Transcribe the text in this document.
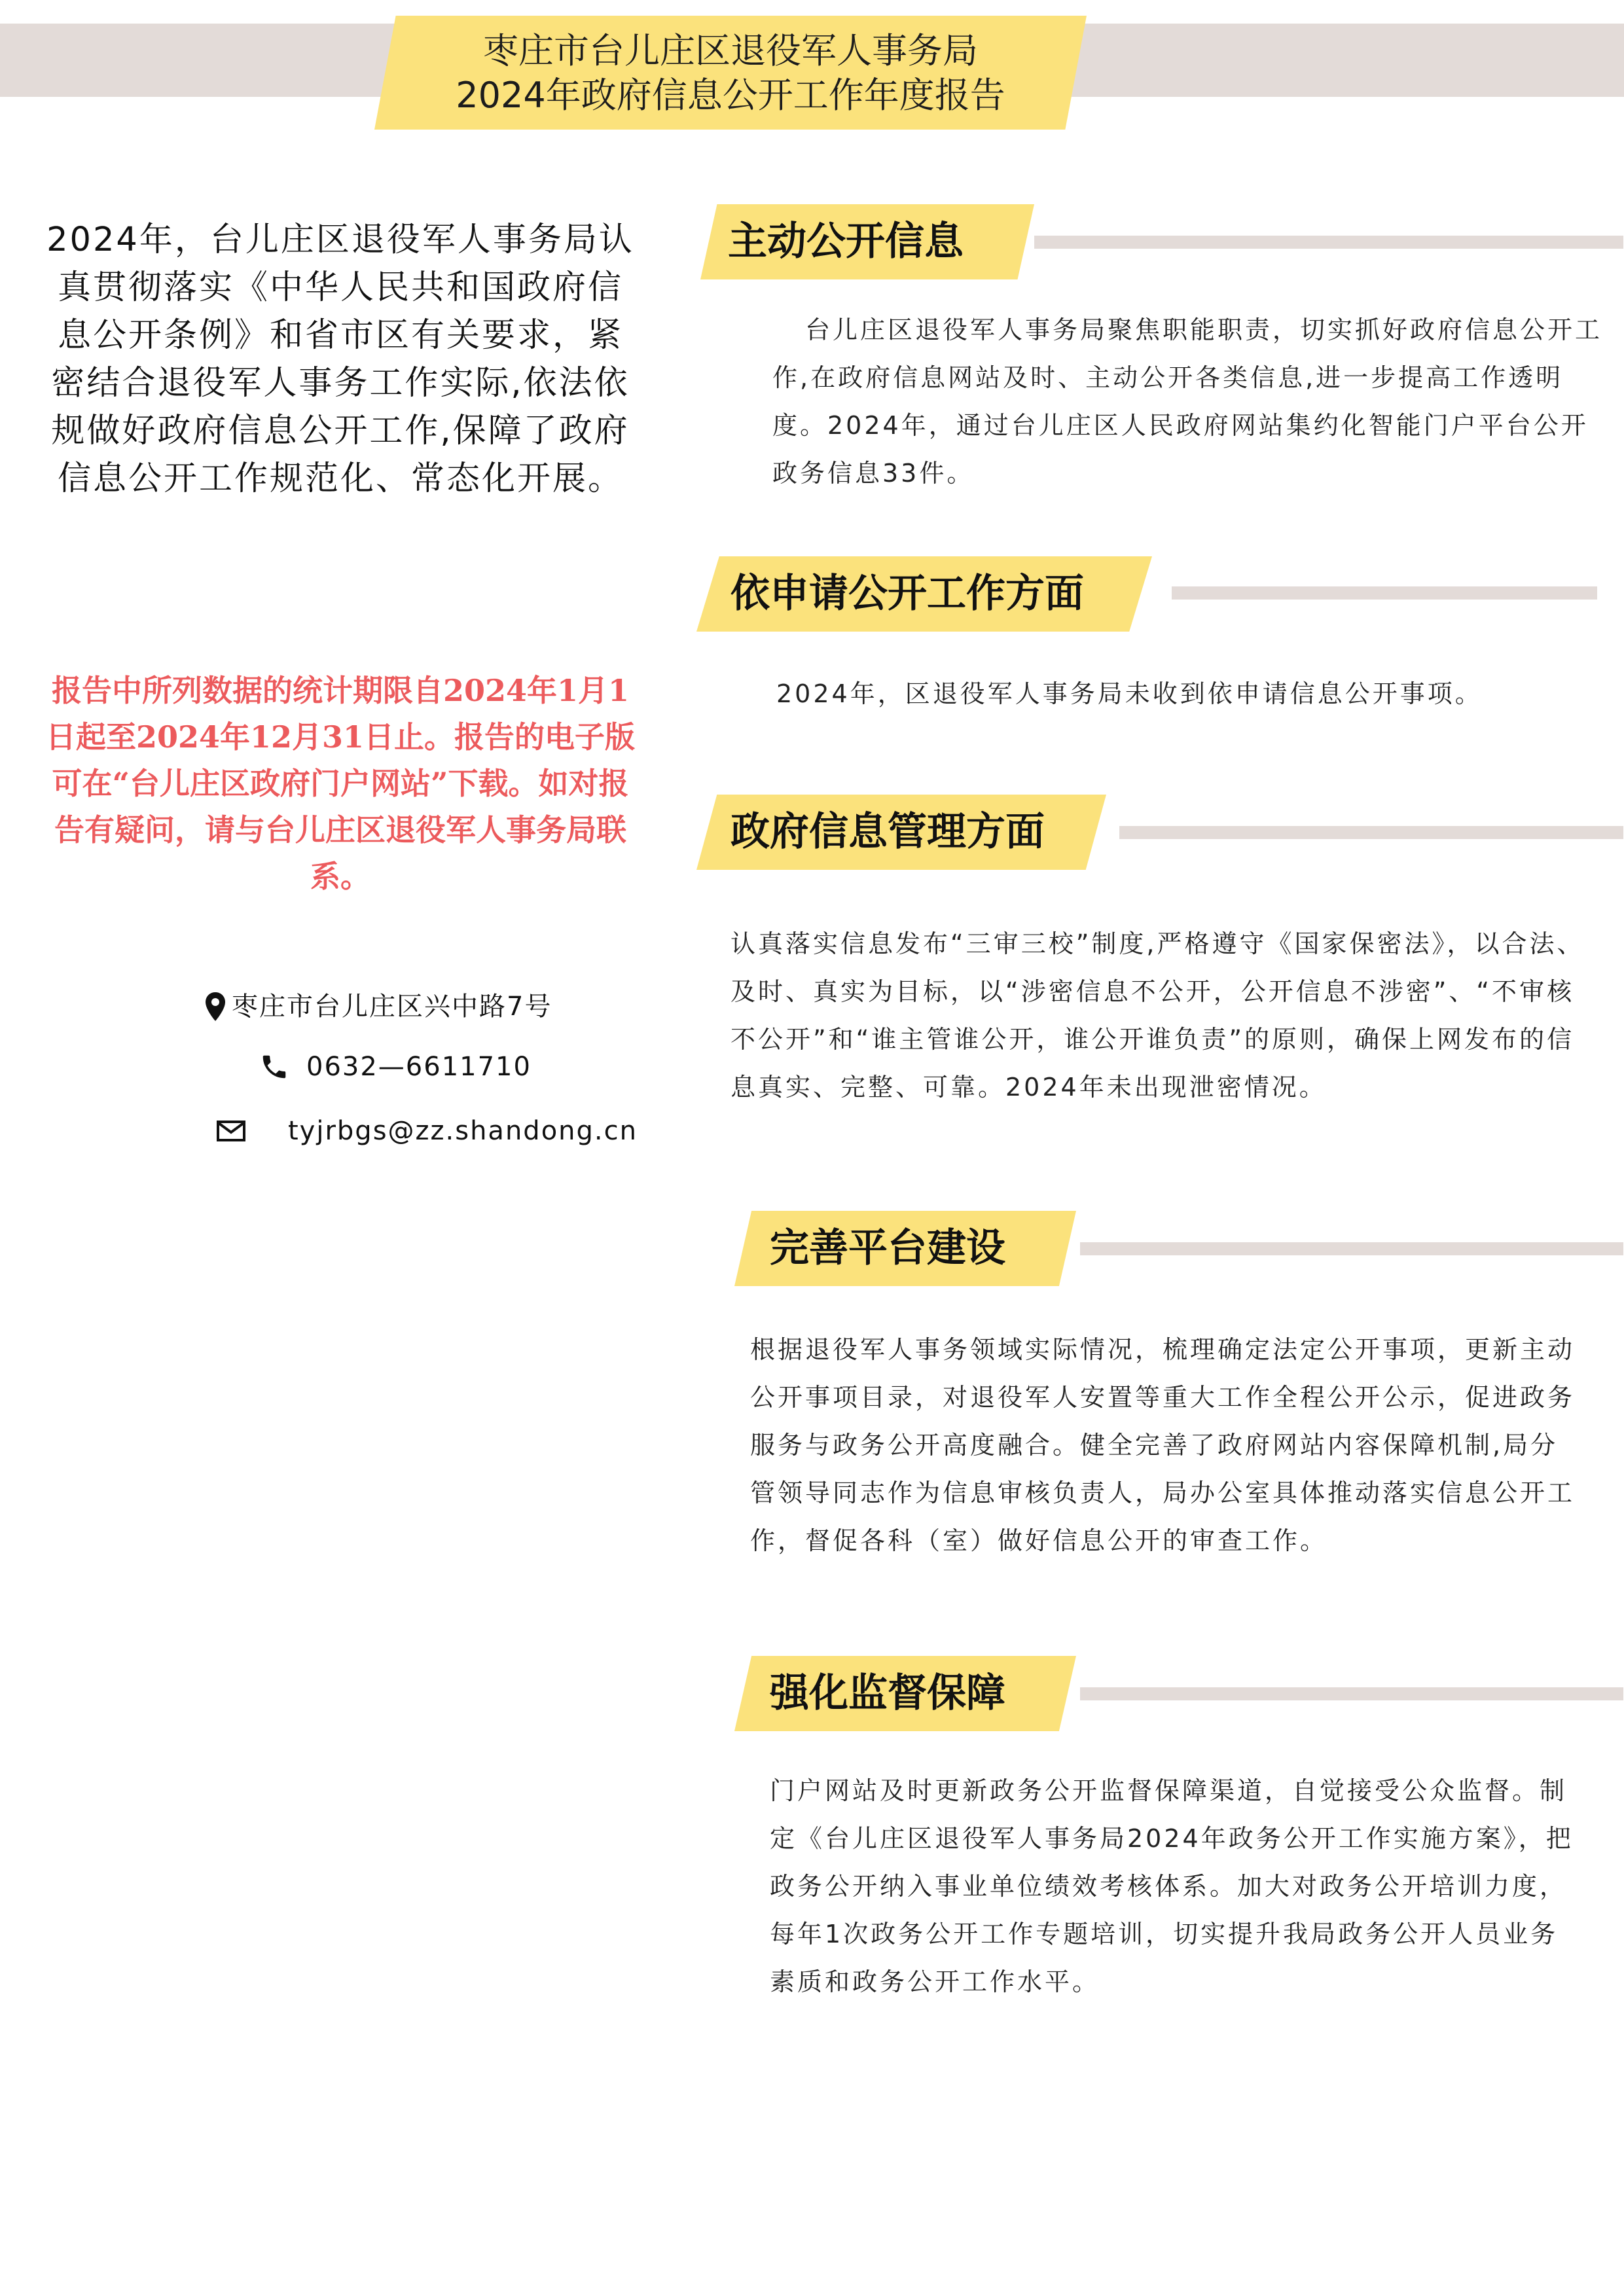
枣庄市台儿庄区退役军人事务局
2024年政府信息公开工作年度报告
2024年，台儿庄区退役军人事务局认真贯彻落实《中华人民共和国政府信息公开条例》和省市区有关要求，紧密结合退役军人事务工作实际,依法依规做好政府信息公开工作,保障了政府信息公开工作规范化、常态化开展。
报告中所列数据的统计期限自2024年1月1日起至2024年12月31日止。报告的电子版可在“台儿庄区政府门户网站”下载。如对报告有疑问，请与台儿庄区退役军人事务局联系。
枣庄市台儿庄区兴中路7号
0632—6611710
tyjrbgs@zz.shandong.cn
主动公开信息
台儿庄区退役军人事务局聚焦职能职责，切实抓好政府信息公开工作,在政府信息网站及时、主动公开各类信息,进一步提高工作透明度。2024年，通过台儿庄区人民政府网站集约化智能门户平台公开政务信息33件。
依申请公开工作方面
2024年，区退役军人事务局未收到依申请信息公开事项。
政府信息管理方面
认真落实信息发布“三审三校”制度,严格遵守《国家保密法》，以合法、及时、真实为目标，以“涉密信息不公开，公开信息不涉密”、“不审核不公开”和“谁主管谁公开，谁公开谁负责”的原则，确保上网发布的信息真实、完整、可靠。2024年未出现泄密情况。
完善平台建设
根据退役军人事务领域实际情况，梳理确定法定公开事项，更新主动公开事项目录，对退役军人安置等重大工作全程公开公示，促进政务服务与政务公开高度融合。健全完善了政府网站内容保障机制,局分管领导同志作为信息审核负责人，局办公室具体推动落实信息公开工作，督促各科（室）做好信息公开的审查工作。
强化监督保障
门户网站及时更新政务公开监督保障渠道，自觉接受公众监督。制定《台儿庄区退役军人事务局2024年政务公开工作实施方案》，把政务公开纳入事业单位绩效考核体系。加大对政务公开培训力度，每年1次政务公开工作专题培训，切实提升我局政务公开人员业务素质和政务公开工作水平。
